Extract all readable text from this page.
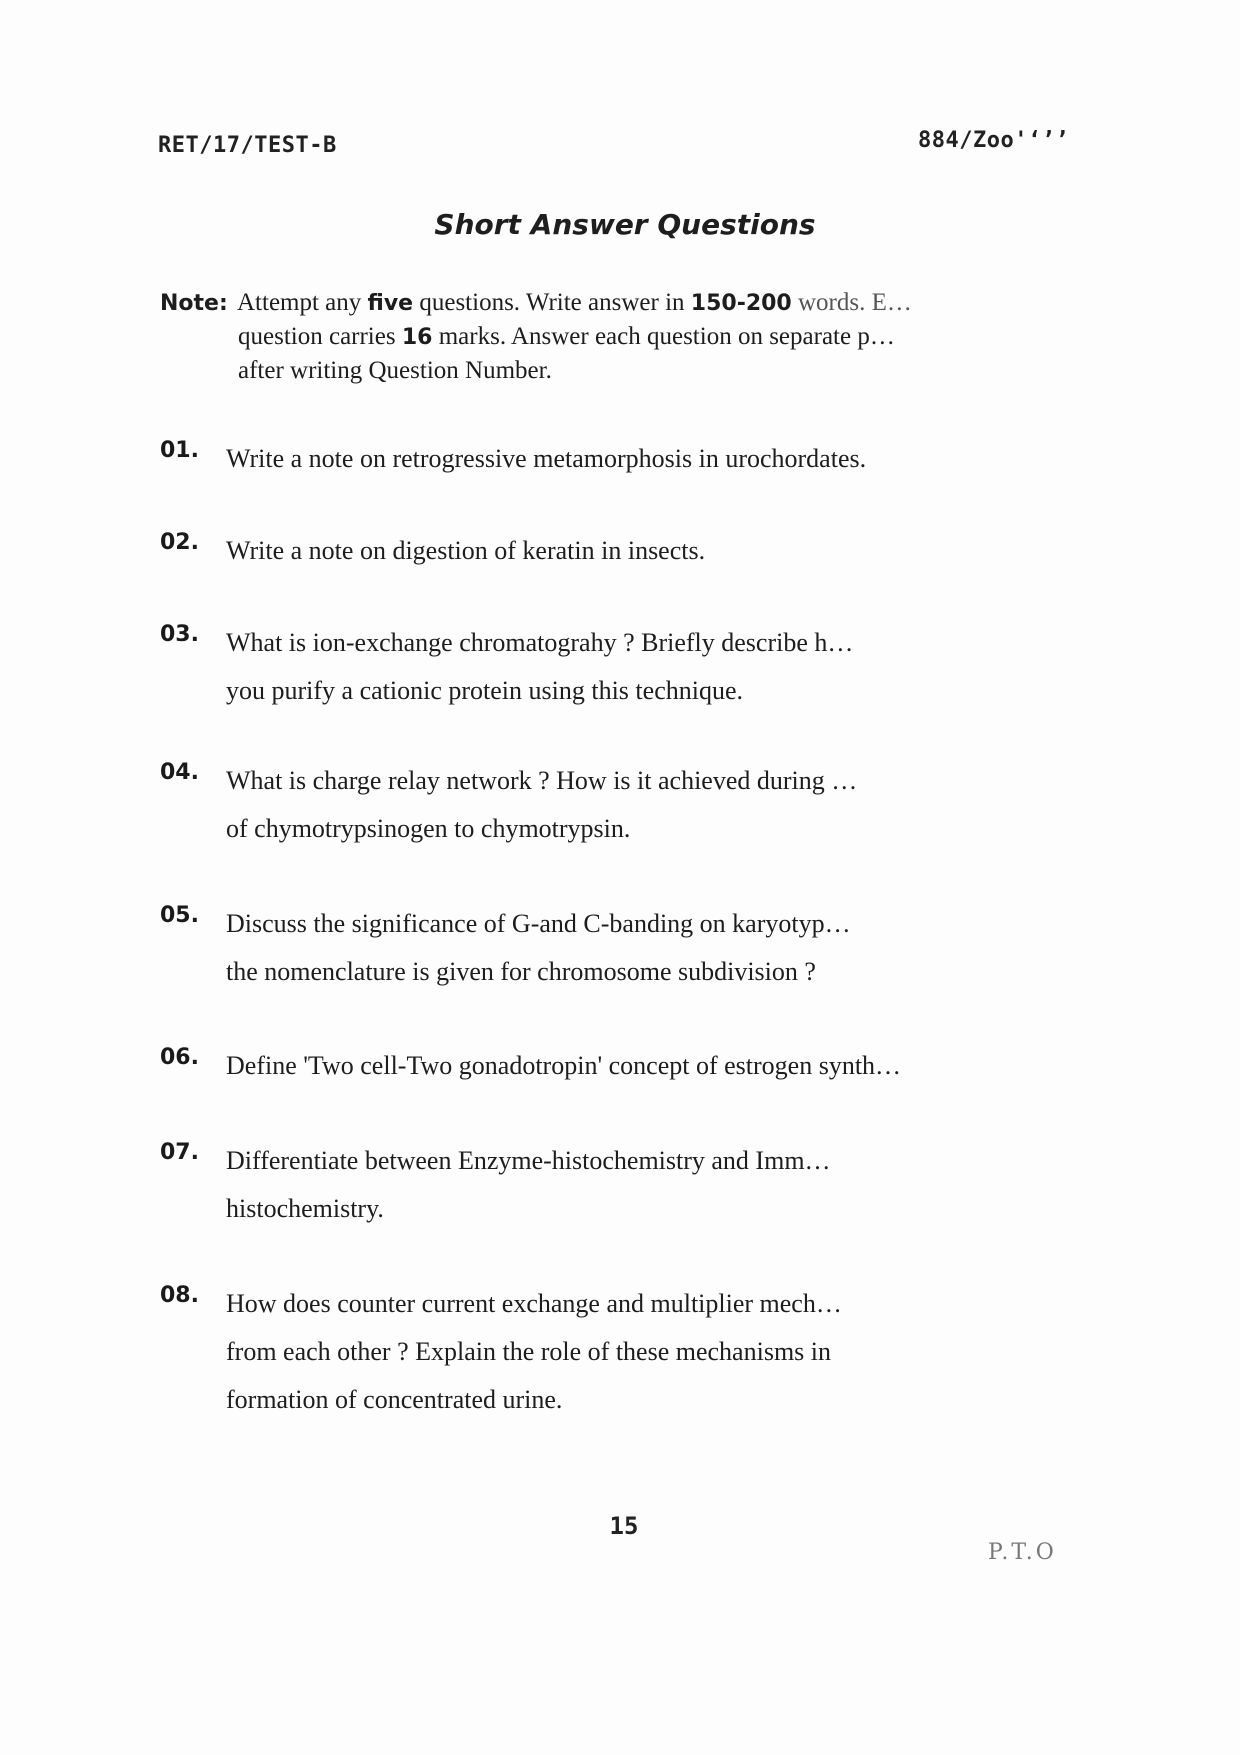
RET/17/TEST-B	884/Zoo'‘’’
Short Answer Questions
Note: Attempt any five questions. Write answer in 150-200 words. E…
question carries 16 marks. Answer each question on separate p…
after writing Question Number.
01. Write a note on retrogressive metamorphosis in urochordates.
02. Write a note on digestion of keratin in insects.
03. What is ion-exchange chromatograhy ? Briefly describe h…
you purify a cationic protein using this technique.
04. What is charge relay network ? How is it achieved during …
of chymotrypsinogen to chymotrypsin.
05. Discuss the significance of G-and C-banding on karyotyp…
the nomenclature is given for chromosome subdivision ?
06. Define 'Two cell-Two gonadotropin' concept of estrogen synth…
07. Differentiate between Enzyme-histochemistry and Imm…
histochemistry.
08. How does counter current exchange and multiplier mech…
from each other ? Explain the role of these mechanisms in
formation of concentrated urine.
15
P.T.O
